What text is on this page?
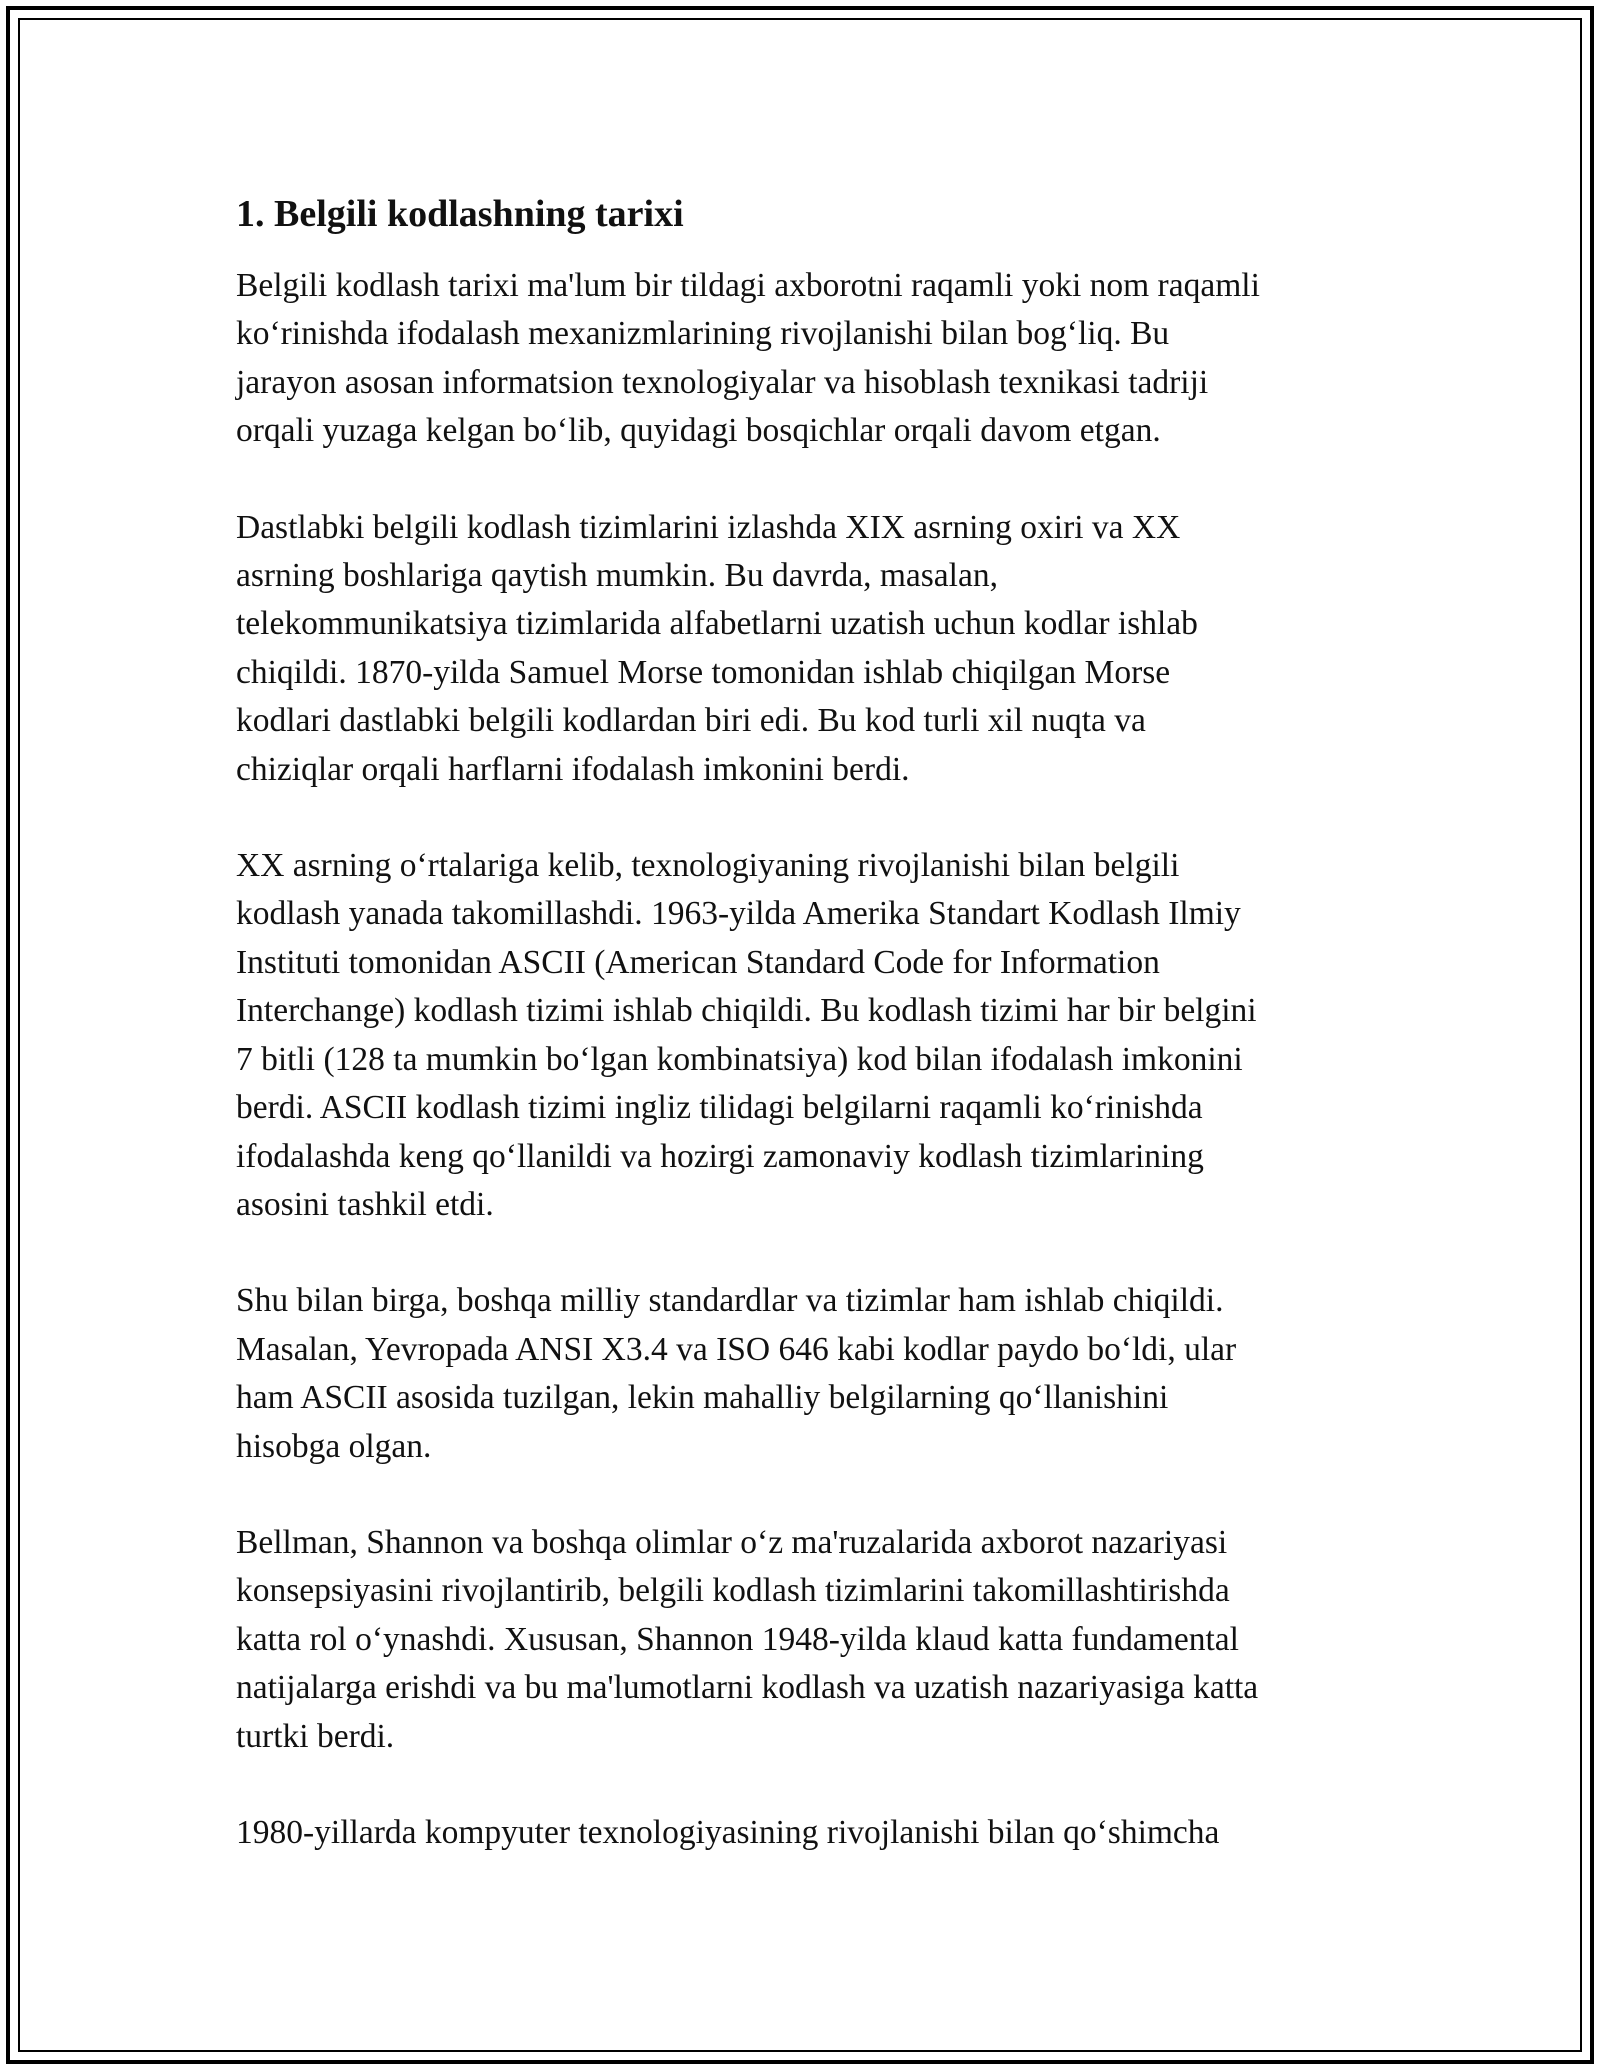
1. Belgili kodlashning tarixi

Belgili kodlash tarixi ma'lum bir tildagi axborotni raqamli yoki nom raqamli
ko‘rinishda ifodalash mexanizmlarining rivojlanishi bilan bog‘liq. Bu
jarayon asosan informatsion texnologiyalar va hisoblash texnikasi tadriji
orqali yuzaga kelgan bo‘lib, quyidagi bosqichlar orqali davom etgan.

Dastlabki belgili kodlash tizimlarini izlashda XIX asrning oxiri va XX
asrning boshlariga qaytish mumkin. Bu davrda, masalan,
telekommunikatsiya tizimlarida alfabetlarni uzatish uchun kodlar ishlab
chiqildi. 1870-yilda Samuel Morse tomonidan ishlab chiqilgan Morse
kodlari dastlabki belgili kodlardan biri edi. Bu kod turli xil nuqta va
chiziqlar orqali harflarni ifodalash imkonini berdi.

XX asrning o‘rtalariga kelib, texnologiyaning rivojlanishi bilan belgili
kodlash yanada takomillashdi. 1963-yilda Amerika Standart Kodlash Ilmiy
Instituti tomonidan ASCII (American Standard Code for Information
Interchange) kodlash tizimi ishlab chiqildi. Bu kodlash tizimi har bir belgini
7 bitli (128 ta mumkin bo‘lgan kombinatsiya) kod bilan ifodalash imkonini
berdi. ASCII kodlash tizimi ingliz tilidagi belgilarni raqamli ko‘rinishda
ifodalashda keng qo‘llanildi va hozirgi zamonaviy kodlash tizimlarining
asosini tashkil etdi.

Shu bilan birga, boshqa milliy standardlar va tizimlar ham ishlab chiqildi.
Masalan, Yevropada ANSI X3.4 va ISO 646 kabi kodlar paydo bo‘ldi, ular
ham ASCII asosida tuzilgan, lekin mahalliy belgilarning qo‘llanishini
hisobga olgan.

Bellman, Shannon va boshqa olimlar o‘z ma'ruzalarida axborot nazariyasi
konsepsiyasini rivojlantirib, belgili kodlash tizimlarini takomillashtirishda
katta rol o‘ynashdi. Xususan, Shannon 1948-yilda klaud katta fundamental
natijalarga erishdi va bu ma'lumotlarni kodlash va uzatish nazariyasiga katta
turtki berdi.

1980-yillarda kompyuter texnologiyasining rivojlanishi bilan qo‘shimcha
